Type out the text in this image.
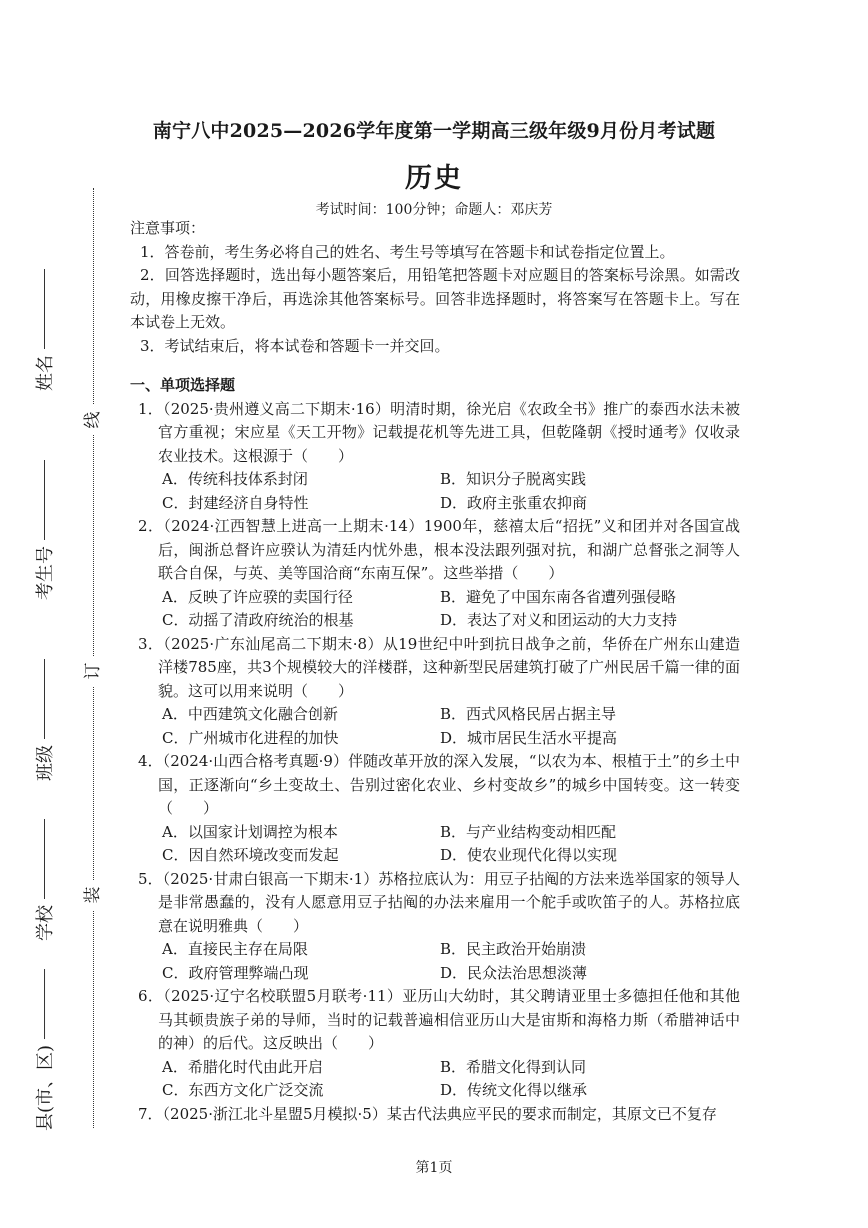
线
订
装
姓名
考生号
班级
学校
县(市、区)
南宁八中2025—2026学年度第一学期高三级年级9月份月考试题
历史
考试时间：100分钟；命题人：邓庆芳

注意事项：

1．答卷前，考生务必将自己的姓名、考生号等填写在答题卡和试卷指定位置上。

2．回答选择题时，选出每小题答案后，用铅笔把答题卡对应题目的答案标号涂黑。如需改动，用橡皮擦干净后，再选涂其他答案标号。回答非选择题时，将答案写在答题卡上。写在本试卷上无效。

3．考试结束后，将本试卷和答题卡一并交回。

一、单项选择题

1．（2025·贵州遵义高二下期末·16）明清时期，徐光启《农政全书》推广的泰西水法未被官方重视；宋应星《天工开物》记载提花机等先进工具，但乾隆朝《授时通考》仅收录农业技术。这根源于（　　）

A．传统科技体系封闭	B．知识分子脱离实践
C．封建经济自身特性	D．政府主张重农抑商

2．（2024·江西智慧上进高一上期末·14）1900年，慈禧太后“招抚”义和团并对各国宣战后，闽浙总督许应骙认为清廷内忧外患，根本没法跟列强对抗，和湖广总督张之洞等人联合自保，与英、美等国洽商“东南互保”。这些举措（　　）

A．反映了许应骙的卖国行径	B．避免了中国东南各省遭列强侵略
C．动摇了清政府统治的根基	D．表达了对义和团运动的大力支持

3．（2025·广东汕尾高二下期末·8）从19世纪中叶到抗日战争之前，华侨在广州东山建造洋楼785座，共3个规模较大的洋楼群，这种新型民居建筑打破了广州民居千篇一律的面貌。这可以用来说明（　　）

A．中西建筑文化融合创新	B．西式风格民居占据主导
C．广州城市化进程的加快	D．城市居民生活水平提高

4．（2024·山西合格考真题·9）伴随改革开放的深入发展，“以农为本、根植于土”的乡土中国，正逐渐向“乡土变故土、告别过密化农业、乡村变故乡”的城乡中国转变。这一转变（　　）

A．以国家计划调控为根本	B．与产业结构变动相匹配
C．因自然环境改变而发起	D．使农业现代化得以实现

5．（2025·甘肃白银高一下期末·1）苏格拉底认为：用豆子拈阄的方法来选举国家的领导人是非常愚蠢的，没有人愿意用豆子拈阄的办法来雇用一个舵手或吹笛子的人。苏格拉底意在说明雅典（　　）

A．直接民主存在局限	B．民主政治开始崩溃
C．政府管理弊端凸现	D．民众法治思想淡薄

6．（2025·辽宁名校联盟5月联考·11）亚历山大幼时，其父聘请亚里士多德担任他和其他马其顿贵族子弟的导师，当时的记载普遍相信亚历山大是宙斯和海格力斯（希腊神话中的神）的后代。这反映出（　　）

A．希腊化时代由此开启	B．希腊文化得到认同
C．东西方文化广泛交流	D．传统文化得以继承

7．（2025·浙江北斗星盟5月模拟·5）某古代法典应平民的要求而制定，其原文已不复存

第1页
